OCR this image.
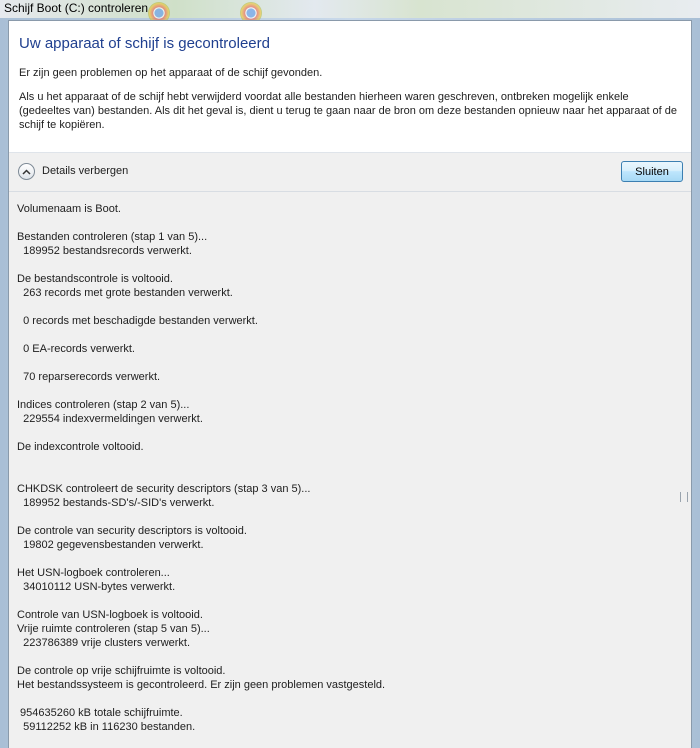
Schijf Boot (C:) controleren
Uw apparaat of schijf is gecontroleerd
Er zijn geen problemen op het apparaat of de schijf gevonden.
Als u het apparaat of de schijf hebt verwijderd voordat alle bestanden hierheen waren geschreven, ontbreken mogelijk enkele (gedeeltes van) bestanden. Als dit het geval is, dient u terug te gaan naar de bron om deze bestanden opnieuw naar het apparaat of de schijf te kopiëren.
Details verbergen	Sluiten
Volumenaam is Boot.
Bestanden controleren (stap 1 van 5)...
189952 bestandsrecords verwerkt.
De bestandscontrole is voltooid.
263 records met grote bestanden verwerkt.
0 records met beschadigde bestanden verwerkt.
0 EA-records verwerkt.
70 reparserecords verwerkt.
Indices controleren (stap 2 van 5)...
229554 indexvermeldingen verwerkt.
De indexcontrole voltooid.
CHKDSK controleert de security descriptors (stap 3 van 5)...
189952 bestands-SD's/-SID's verwerkt.
De controle van security descriptors is voltooid.
19802 gegevensbestanden verwerkt.
Het USN-logboek controleren...
34010112 USN-bytes verwerkt.
Controle van USN-logboek is voltooid.
Vrije ruimte controleren (stap 5 van 5)...
223786389 vrije clusters verwerkt.
De controle op vrije schijfruimte is voltooid.
Het bestandssysteem is gecontroleerd. Er zijn geen problemen vastgesteld.
954635260 kB totale schijfruimte.
59112252 kB in 116230 bestanden.
